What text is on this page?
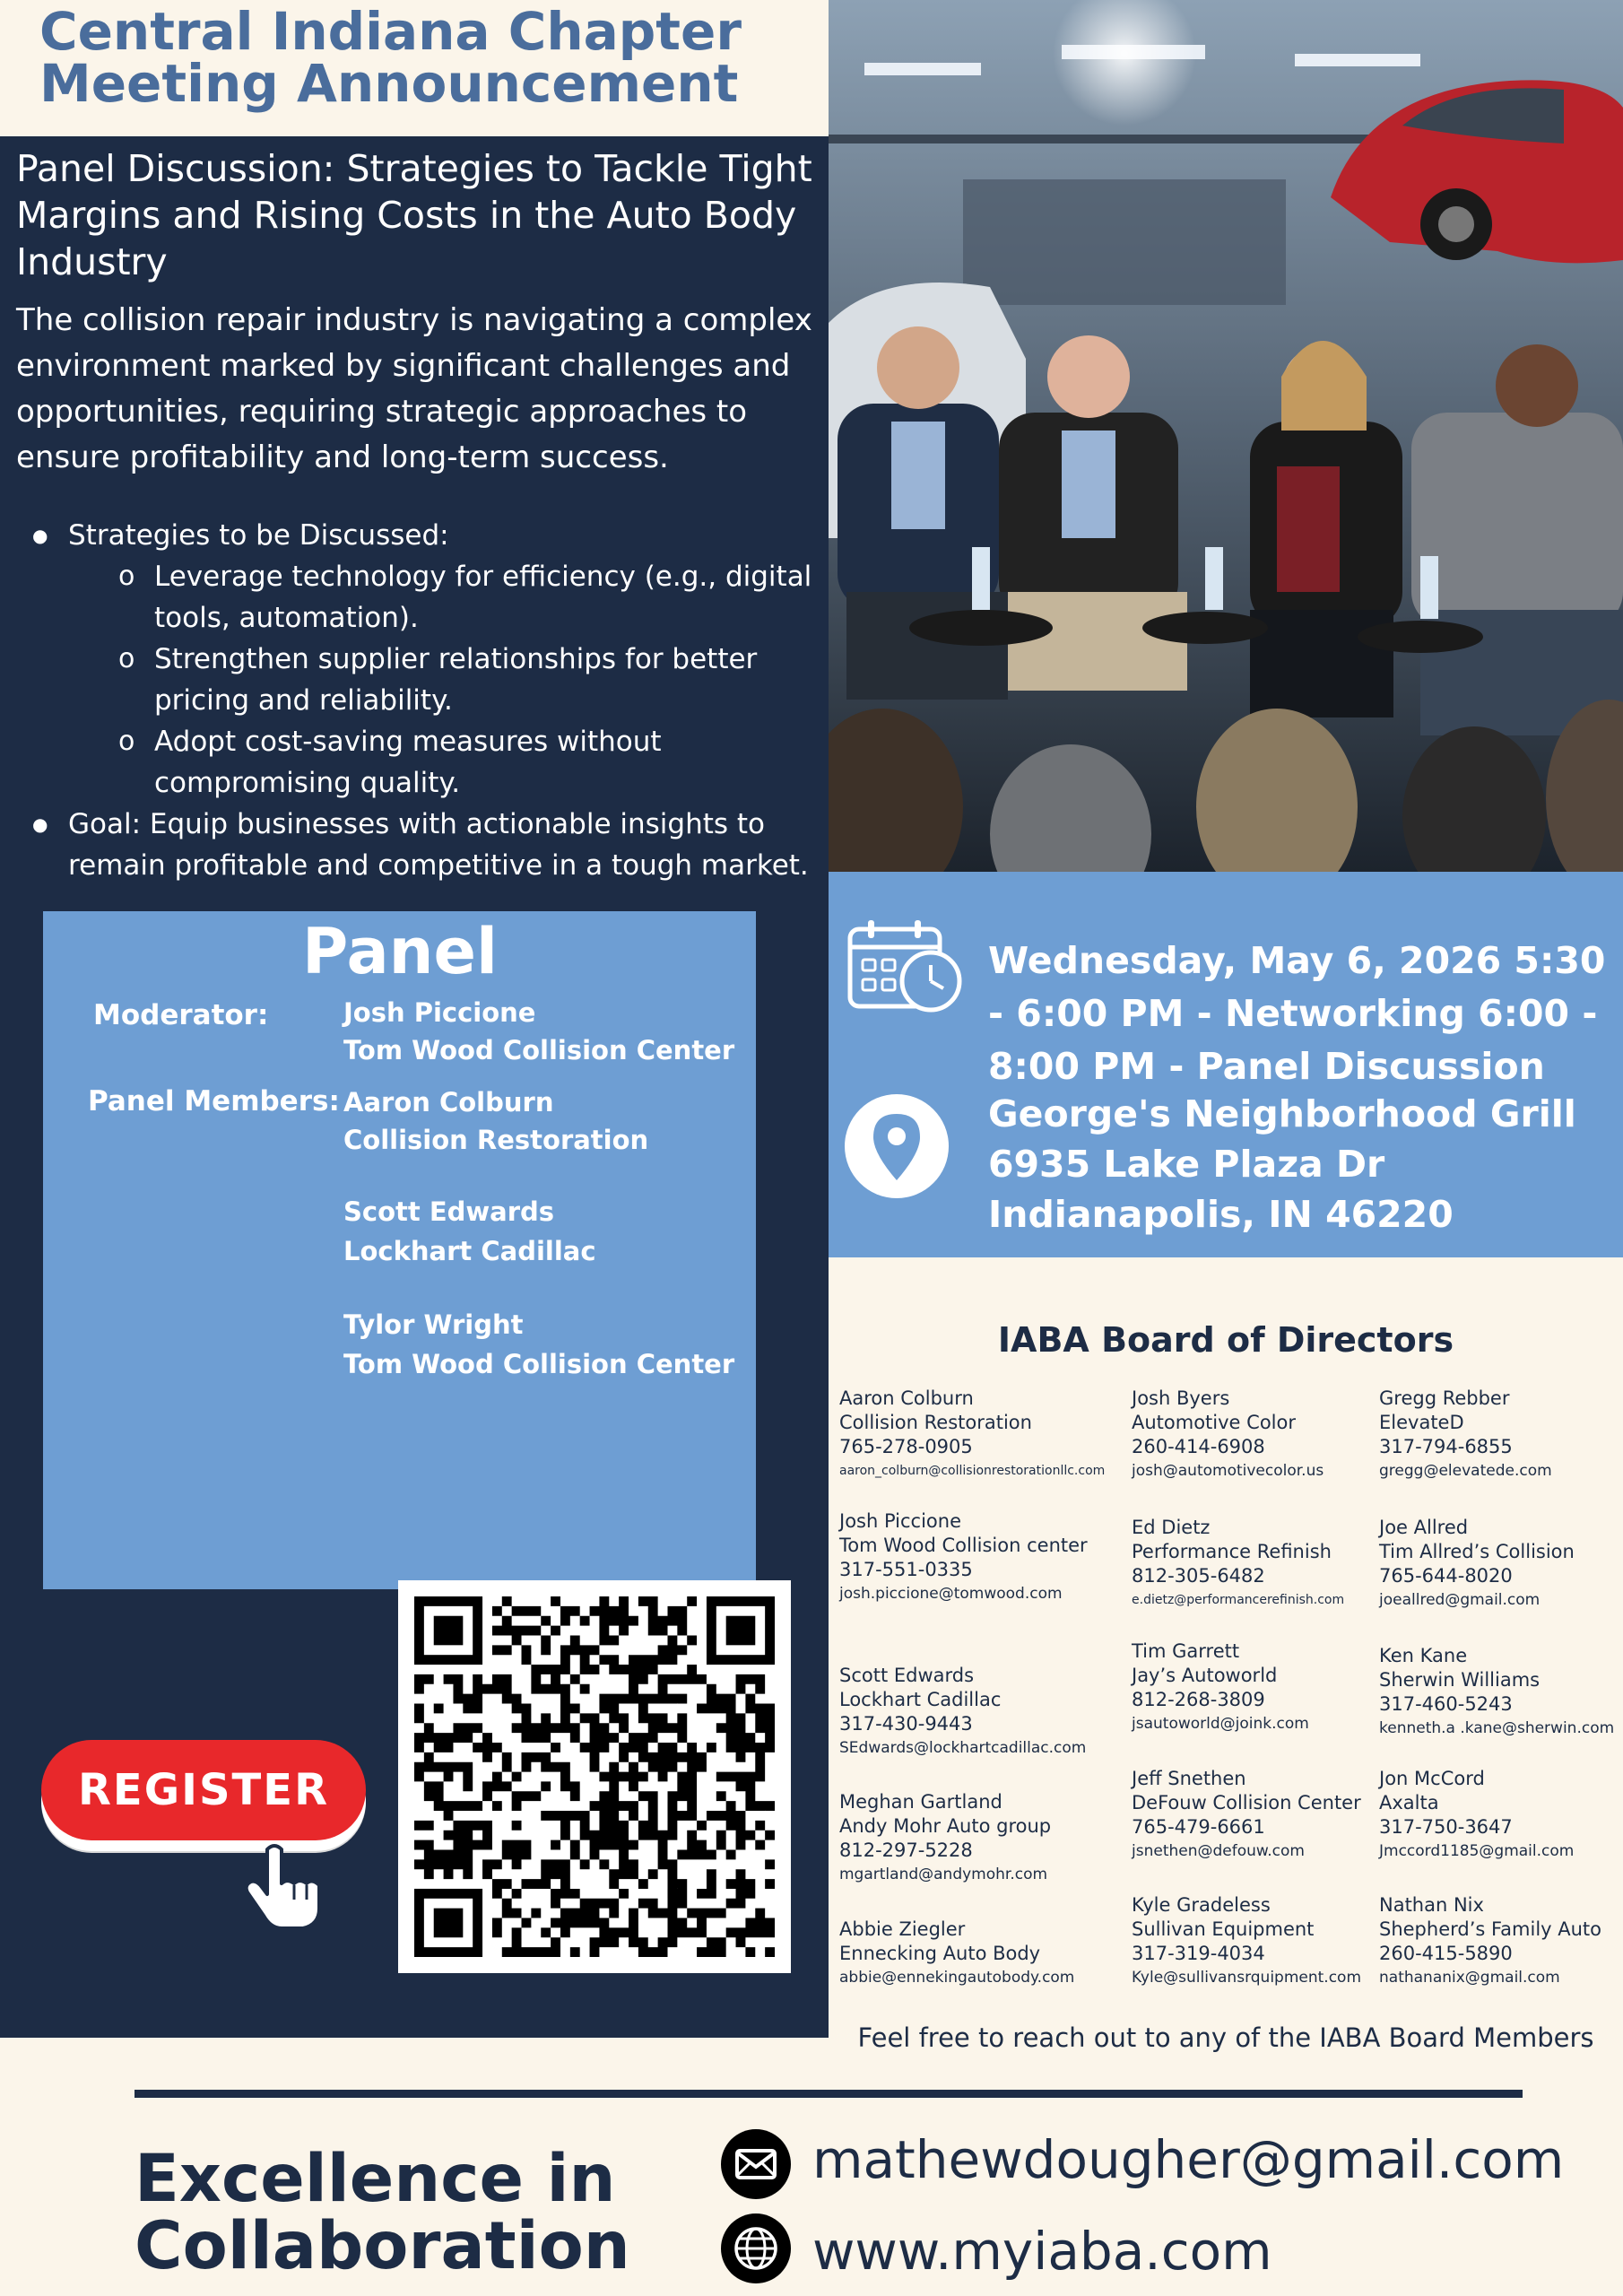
Central Indiana Chapter
Meeting Announcement
Panel Discussion: Strategies to Tackle Tight Margins and Rising Costs in the Auto Body Industry
The collision repair industry is navigating a complex environment marked by significant challenges and opportunities, requiring strategic approaches to ensure profitability and long-term success.
● Strategies to be Discussed:
o Leverage technology for efficiency (e.g., digital tools, automation).
o Strengthen supplier relationships for better pricing and reliability.
o Adopt cost-saving measures without compromising quality.
● Goal: Equip businesses with actionable insights to remain profitable and competitive in a tough market.
Panel
Moderator:	Josh Piccione
Tom Wood Collision Center
Panel Members: Aaron Colburn
Collision Restoration
Scott Edwards
Lockhart Cadillac
Tylor Wright
Tom Wood Collision Center
REGISTER
Wednesday, May 6, 2026 5:30 - 6:00 PM - Networking 6:00 - 8:00 PM - Panel Discussion
George's Neighborhood Grill 6935 Lake Plaza Dr Indianapolis, IN 46220
IABA Board of Directors
Aaron Colburn
Collision Restoration
765-278-0905
aaron_colburn@collisionrestorationllc.com
Josh Byers
Automotive Color
260-414-6908
josh@automotivecolor.us
Gregg Rebber
ElevateD
317-794-6855
gregg@elevatede.com
Josh Piccione
Tom Wood Collision center
317-551-0335
josh.piccione@tomwood.com
Ed Dietz
Performance Refinish
812-305-6482
e.dietz@performancerefinish.com
Joe Allred
Tim Allred’s Collision
765-644-8020
joeallred@gmail.com
Tim Garrett
Jay’s Autoworld
812-268-3809
jsautoworld@joink.com
Scott Edwards
Lockhart Cadillac
317-430-9443
SEdwards@lockhartcadillac.com
Ken Kane
Sherwin Williams
317-460-5243
kenneth.a .kane@sherwin.com
Meghan Gartland
Andy Mohr Auto group
812-297-5228
mgartland@andymohr.com
Jeff Snethen
DeFouw Collision Center
765-479-6661
jsnethen@defouw.com
Jon McCord
Axalta
317-750-3647
Jmccord1185@gmail.com
Abbie Ziegler
Ennecking Auto Body
abbie@ennekingautobody.com
Kyle Gradeless
Sullivan Equipment
317-319-4034
Kyle@sullivansrquipment.com
Nathan Nix
Shepherd’s Family Auto
260-415-5890
nathananix@gmail.com
Feel free to reach out to any of the IABA Board Members
Excellence in Collaboration
mathewdougher@gmail.com
www.myiaba.com
